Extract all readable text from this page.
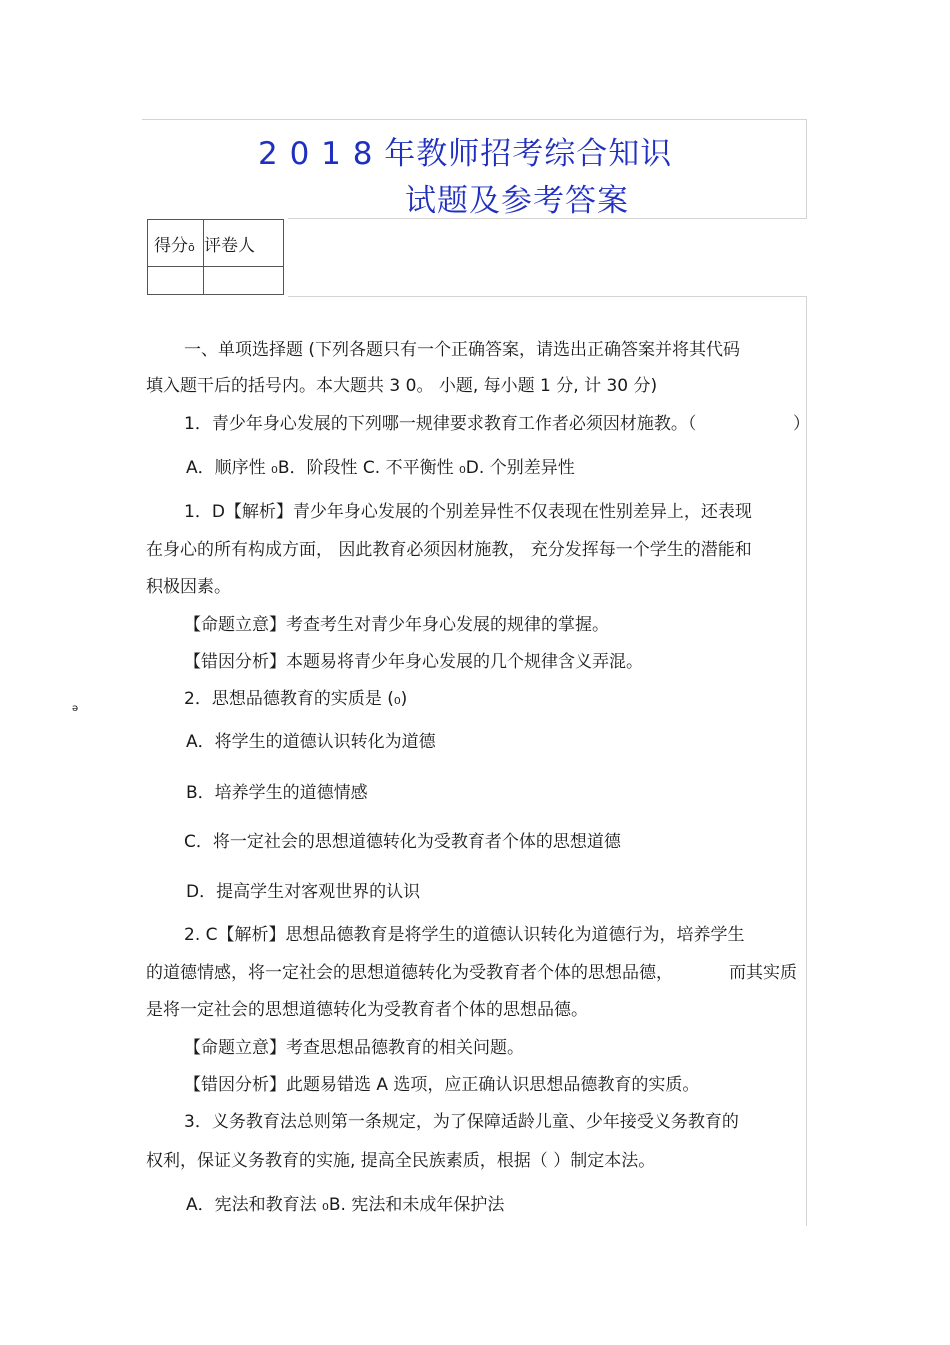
2 0 1 8 年教师招考综合知识
试题及参考答案
得分ō	评卷人

一、单项选择题 (下列各题只有一个正确答案，请选出正确答案并将其代码
填入题干后的括号内。本大题共 3 0。 小题, 每小题 1 分, 计 30 分)
1．青少年身心发展的下列哪一规律要求教育工作者必须因材施教。（	）
A．顺序性 ₀B．阶段性 C. 不平衡性 ₀D. 个别差异性
1．D【解析】青少年身心发展的个别差异性不仅表现在性别差异上，还表现
在身心的所有构成方面， 因此教育必须因材施教， 充分发挥每一个学生的潜能和
积极因素。
【命题立意】考查考生对青少年身心发展的规律的掌握。
【错因分析】本题易将青少年身心发展的几个规律含义弄混。
ə	2．思想品德教育的实质是 (₀)
A．将学生的道德认识转化为道德
B．培养学生的道德情感
C．将一定社会的思想道德转化为受教育者个体的思想道德
D．提高学生对客观世界的认识
2. C【解析】思想品德教育是将学生的道德认识转化为道德行为，培养学生
的道德情感，将一定社会的思想道德转化为受教育者个体的思想品德，	而其实质
是将一定社会的思想道德转化为受教育者个体的思想品德。
【命题立意】考查思想品德教育的相关问题。
【错因分析】此题易错选 A 选项，应正确认识思想品德教育的实质。
3．义务教育法总则第一条规定，为了保障适龄儿童、少年接受义务教育的
权利，保证义务教育的实施, 提高全民族素质，根据（ ）制定本法。
A．宪法和教育法 ₀B. 宪法和未成年保护法
